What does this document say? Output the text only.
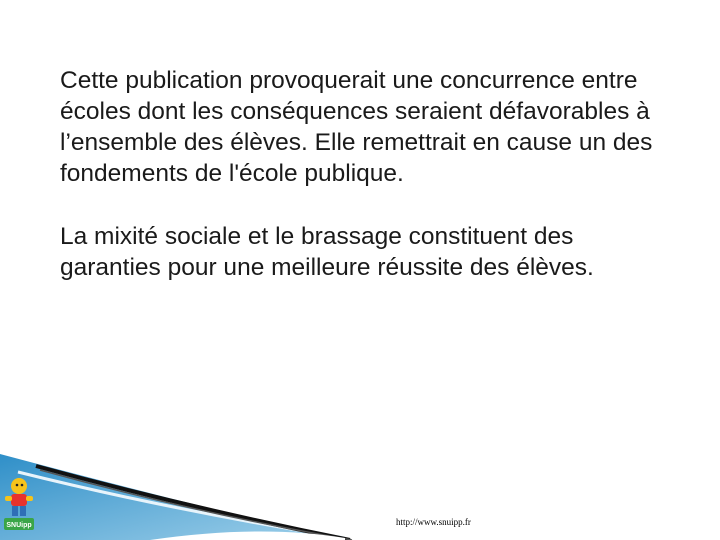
Cette publication provoquerait une concurrence entre écoles dont les conséquences seraient défavorables à l’ensemble des élèves. Elle remettrait en cause un des fondements de l'école publique.

La mixité sociale et le brassage constituent des garanties pour une meilleure réussite des élèves.

SNUipp	http://www.snuipp.fr
